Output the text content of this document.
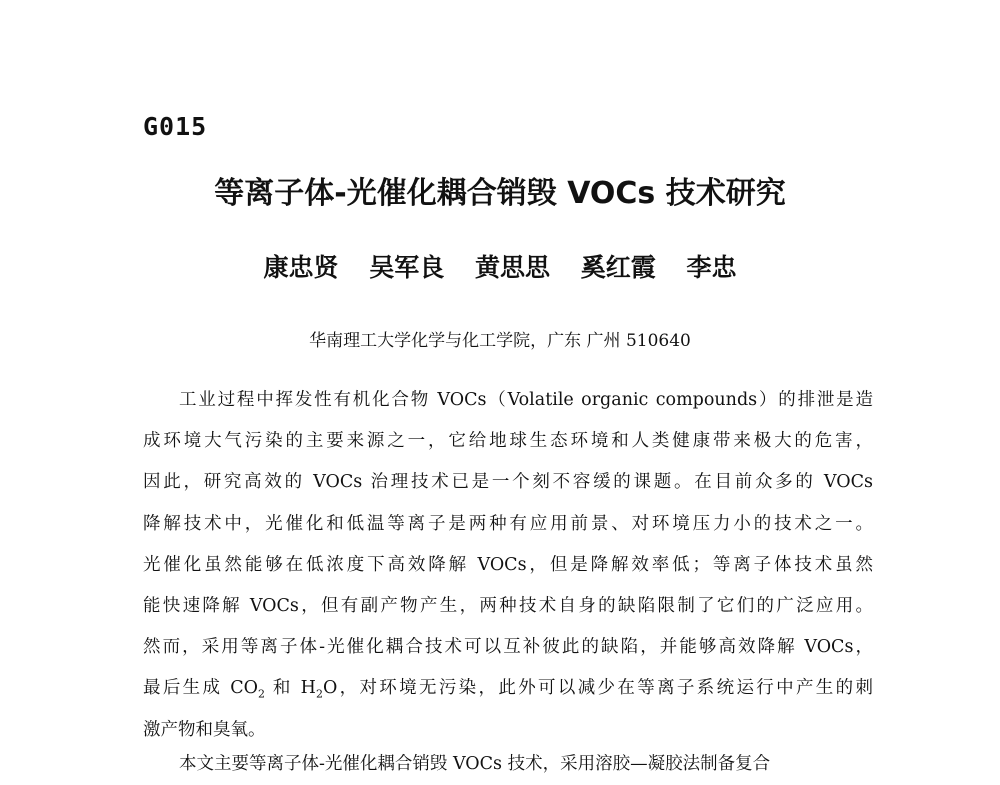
G015
等离子体-光催化耦合销毁 VOCs 技术研究
康忠贤 吴军良 黄思思 奚红霞 李忠
华南理工大学化学与化工学院，广东 广州 510640
工业过程中挥发性有机化合物 VOCs（Volatile organic compounds）的排泄是造
成环境大气污染的主要来源之一，它给地球生态环境和人类健康带来极大的危害，
因此，研究高效的 VOCs 治理技术已是一个刻不容缓的课题。在目前众多的 VOCs
降解技术中，光催化和低温等离子是两种有应用前景、对环境压力小的技术之一。
光催化虽然能够在低浓度下高效降解 VOCs，但是降解效率低；等离子体技术虽然
能快速降解 VOCs，但有副产物产生，两种技术自身的缺陷限制了它们的广泛应用。
然而，采用等离子体-光催化耦合技术可以互补彼此的缺陷，并能够高效降解 VOCs，
最后生成 $CO_2$ 和 $H_2O$，对环境无污染，此外可以减少在等离子系统运行中产生的刺
激产物和臭氧。
本文主要等离子体-光催化耦合销毁 VOCs 技术，采用溶胶—凝胶法制备复合
